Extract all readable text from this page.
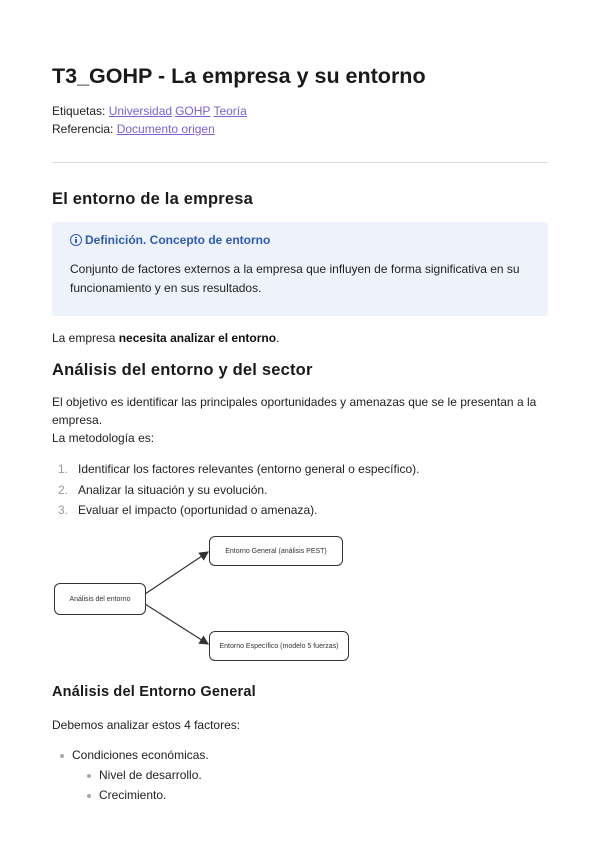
T3_GOHP - La empresa y su entorno
Etiquetas: Universidad GOHP Teoría
Referencia: Documento origen
El entorno de la empresa
Definición. Concepto de entorno
Conjunto de factores externos a la empresa que influyen de forma significativa en su funcionamiento y en sus resultados.

La empresa necesita analizar el entorno.

Análisis del entorno y del sector

El objetivo es identificar las principales oportunidades y amenazas que se le presentan a la empresa.

La metodología es:

1. Identificar los factores relevantes (entorno general o específico).
2. Analizar la situación y su evolución.
3. Evaluar el impacto (oportunidad o amenaza).
Análisis del entorno
Entorno General (análisis PEST)
Entorno Específico (modelo 5 fuerzas)
Análisis del Entorno General

Debemos analizar estos 4 factores:

Condiciones económicas.
Nivel de desarrollo.
Crecimiento.
